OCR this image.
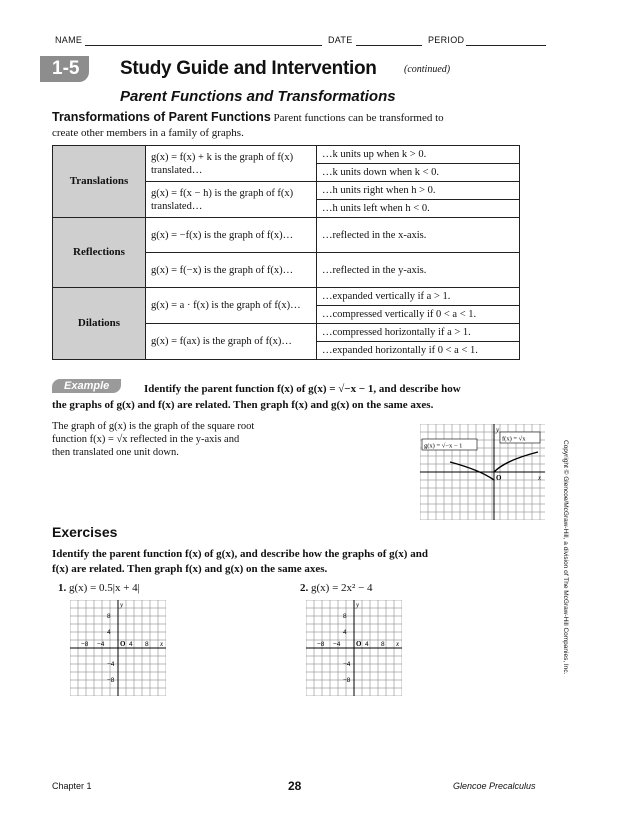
NAME	DATE	PERIOD
1-5	Study Guide and Intervention	(continued)
Parent Functions and Transformations
Transformations of Parent Functions Parent functions can be transformed to
create other members in a family of graphs.
Translations	g(x) = f(x) + k is the graph of f(x) translated…	…k units up when k > 0.
		…k units down when k < 0.
	g(x) = f(x − h) is the graph of f(x) translated…	…h units right when h > 0.
		…h units left when h < 0.
Reflections	g(x) = −f(x) is the graph of f(x)…	…reflected in the x-axis.
	g(x) = f(−x) is the graph of f(x)…	…reflected in the y-axis.
Dilations	g(x) = a · f(x) is the graph of f(x)…	…expanded vertically if a > 1.
		…compressed vertically if 0 < a < 1.
	g(x) = f(ax) is the graph of f(x)…	…compressed horizontally if a > 1.
		…expanded horizontally if 0 < a < 1.
Example	Identify the parent function f(x) of g(x) = √−x − 1, and describe how
the graphs of g(x) and f(x) are related. Then graph f(x) and g(x) on the same axes.
The graph of g(x) is the graph of the square root
function f(x) = √x reflected in the y-axis and
then translated one unit down.
g(x) = √−x − 1
f(x) = √x
y
x
O
Exercises
Identify the parent function f(x) of g(x), and describe how the graphs of g(x) and
f(x) are related. Then graph f(x) and g(x) on the same axes.
1. g(x) = 0.5|x + 4|	2. g(x) = 2x² − 4
−8 −4	4 8
8
4
−4
−8
O	x
y
−8 −4	4 8
8
4
−4
−8
O	x
y	Copyright © Glencoe/McGraw-Hill, a division of The McGraw-Hill Companies, Inc.
Chapter 1	28	Glencoe Precalculus
